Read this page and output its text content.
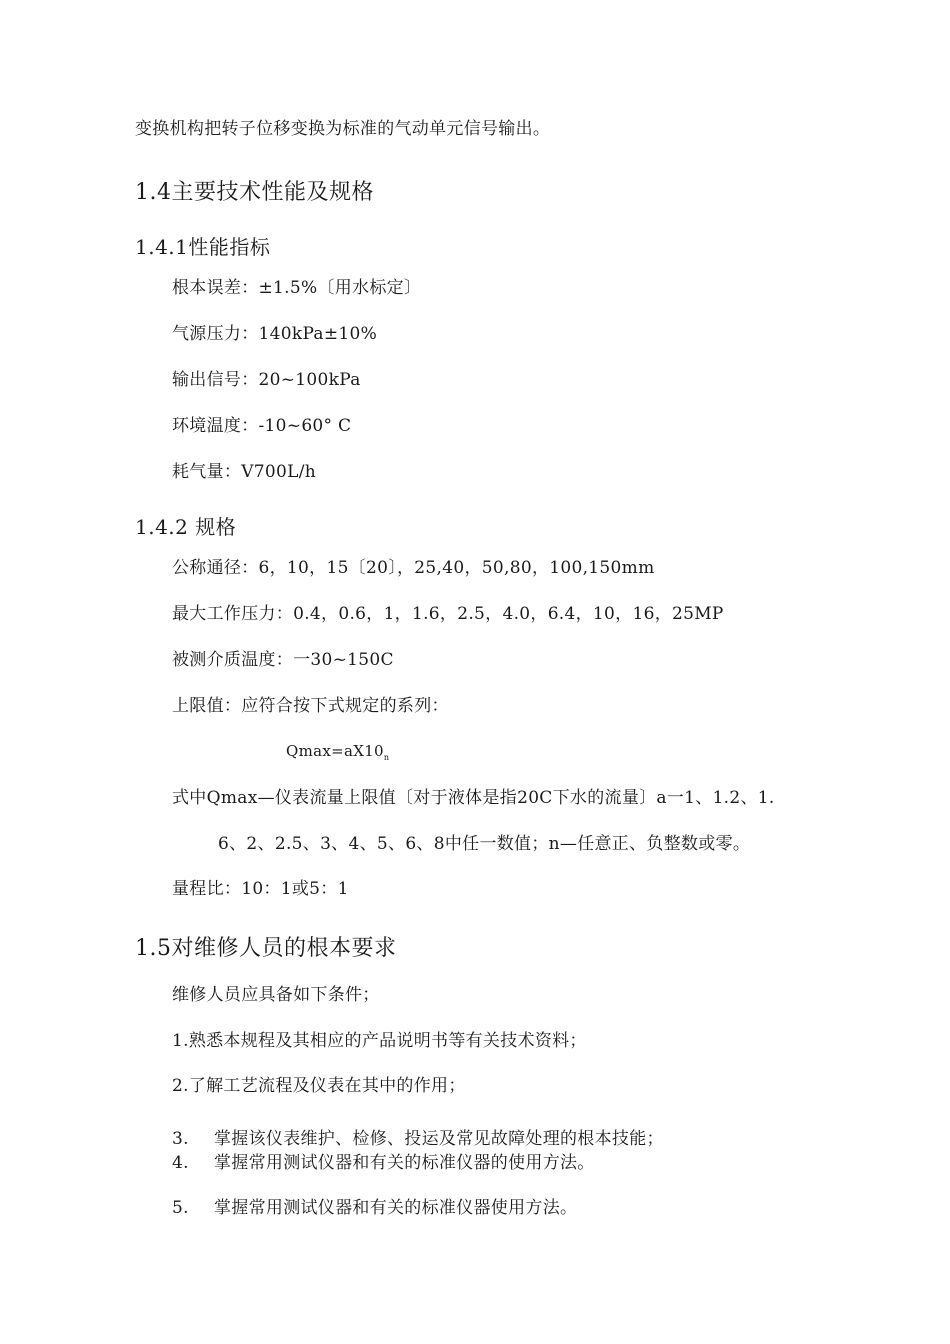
变换机构把转子位移变换为标准的气动单元信号输出。
1.4主要技术性能及规格
1.4.1性能指标
根本误差：±1.5%〔用水标定〕
气源压力：140kPa±10%
输出信号：20~100kPa
环境温度：-10~60° C
耗气量：V700L/h
1.4.2 规格
公称通径：6，10，15〔20〕，25,40，50,80，100,150mm
最大工作压力：0.4，0.6，1，1.6，2.5，4.0，6.4，10，16，25MP
被测介质温度：一30~150C
上限值：应符合按下式规定的系列：
$Qmax=aX10_n$
式中Qmax—仪表流量上限值〔对于液体是指20C下水的流量〕a一1、1.2、1.
6、2、2.5、3、4、5、6、8中任一数值；n—任意正、负整数或零。
量程比：10：1或5：1
1.5对维修人员的根本要求
维修人员应具备如下条件；
1.熟悉本规程及其相应的产品说明书等有关技术资料；
2.了解工艺流程及仪表在其中的作用；
3. 掌握该仪表维护、检修、投运及常见故障处理的根本技能；
4. 掌握常用测试仪器和有关的标准仪器的使用方法。
5. 掌握常用测试仪器和有关的标准仪器使用方法。
